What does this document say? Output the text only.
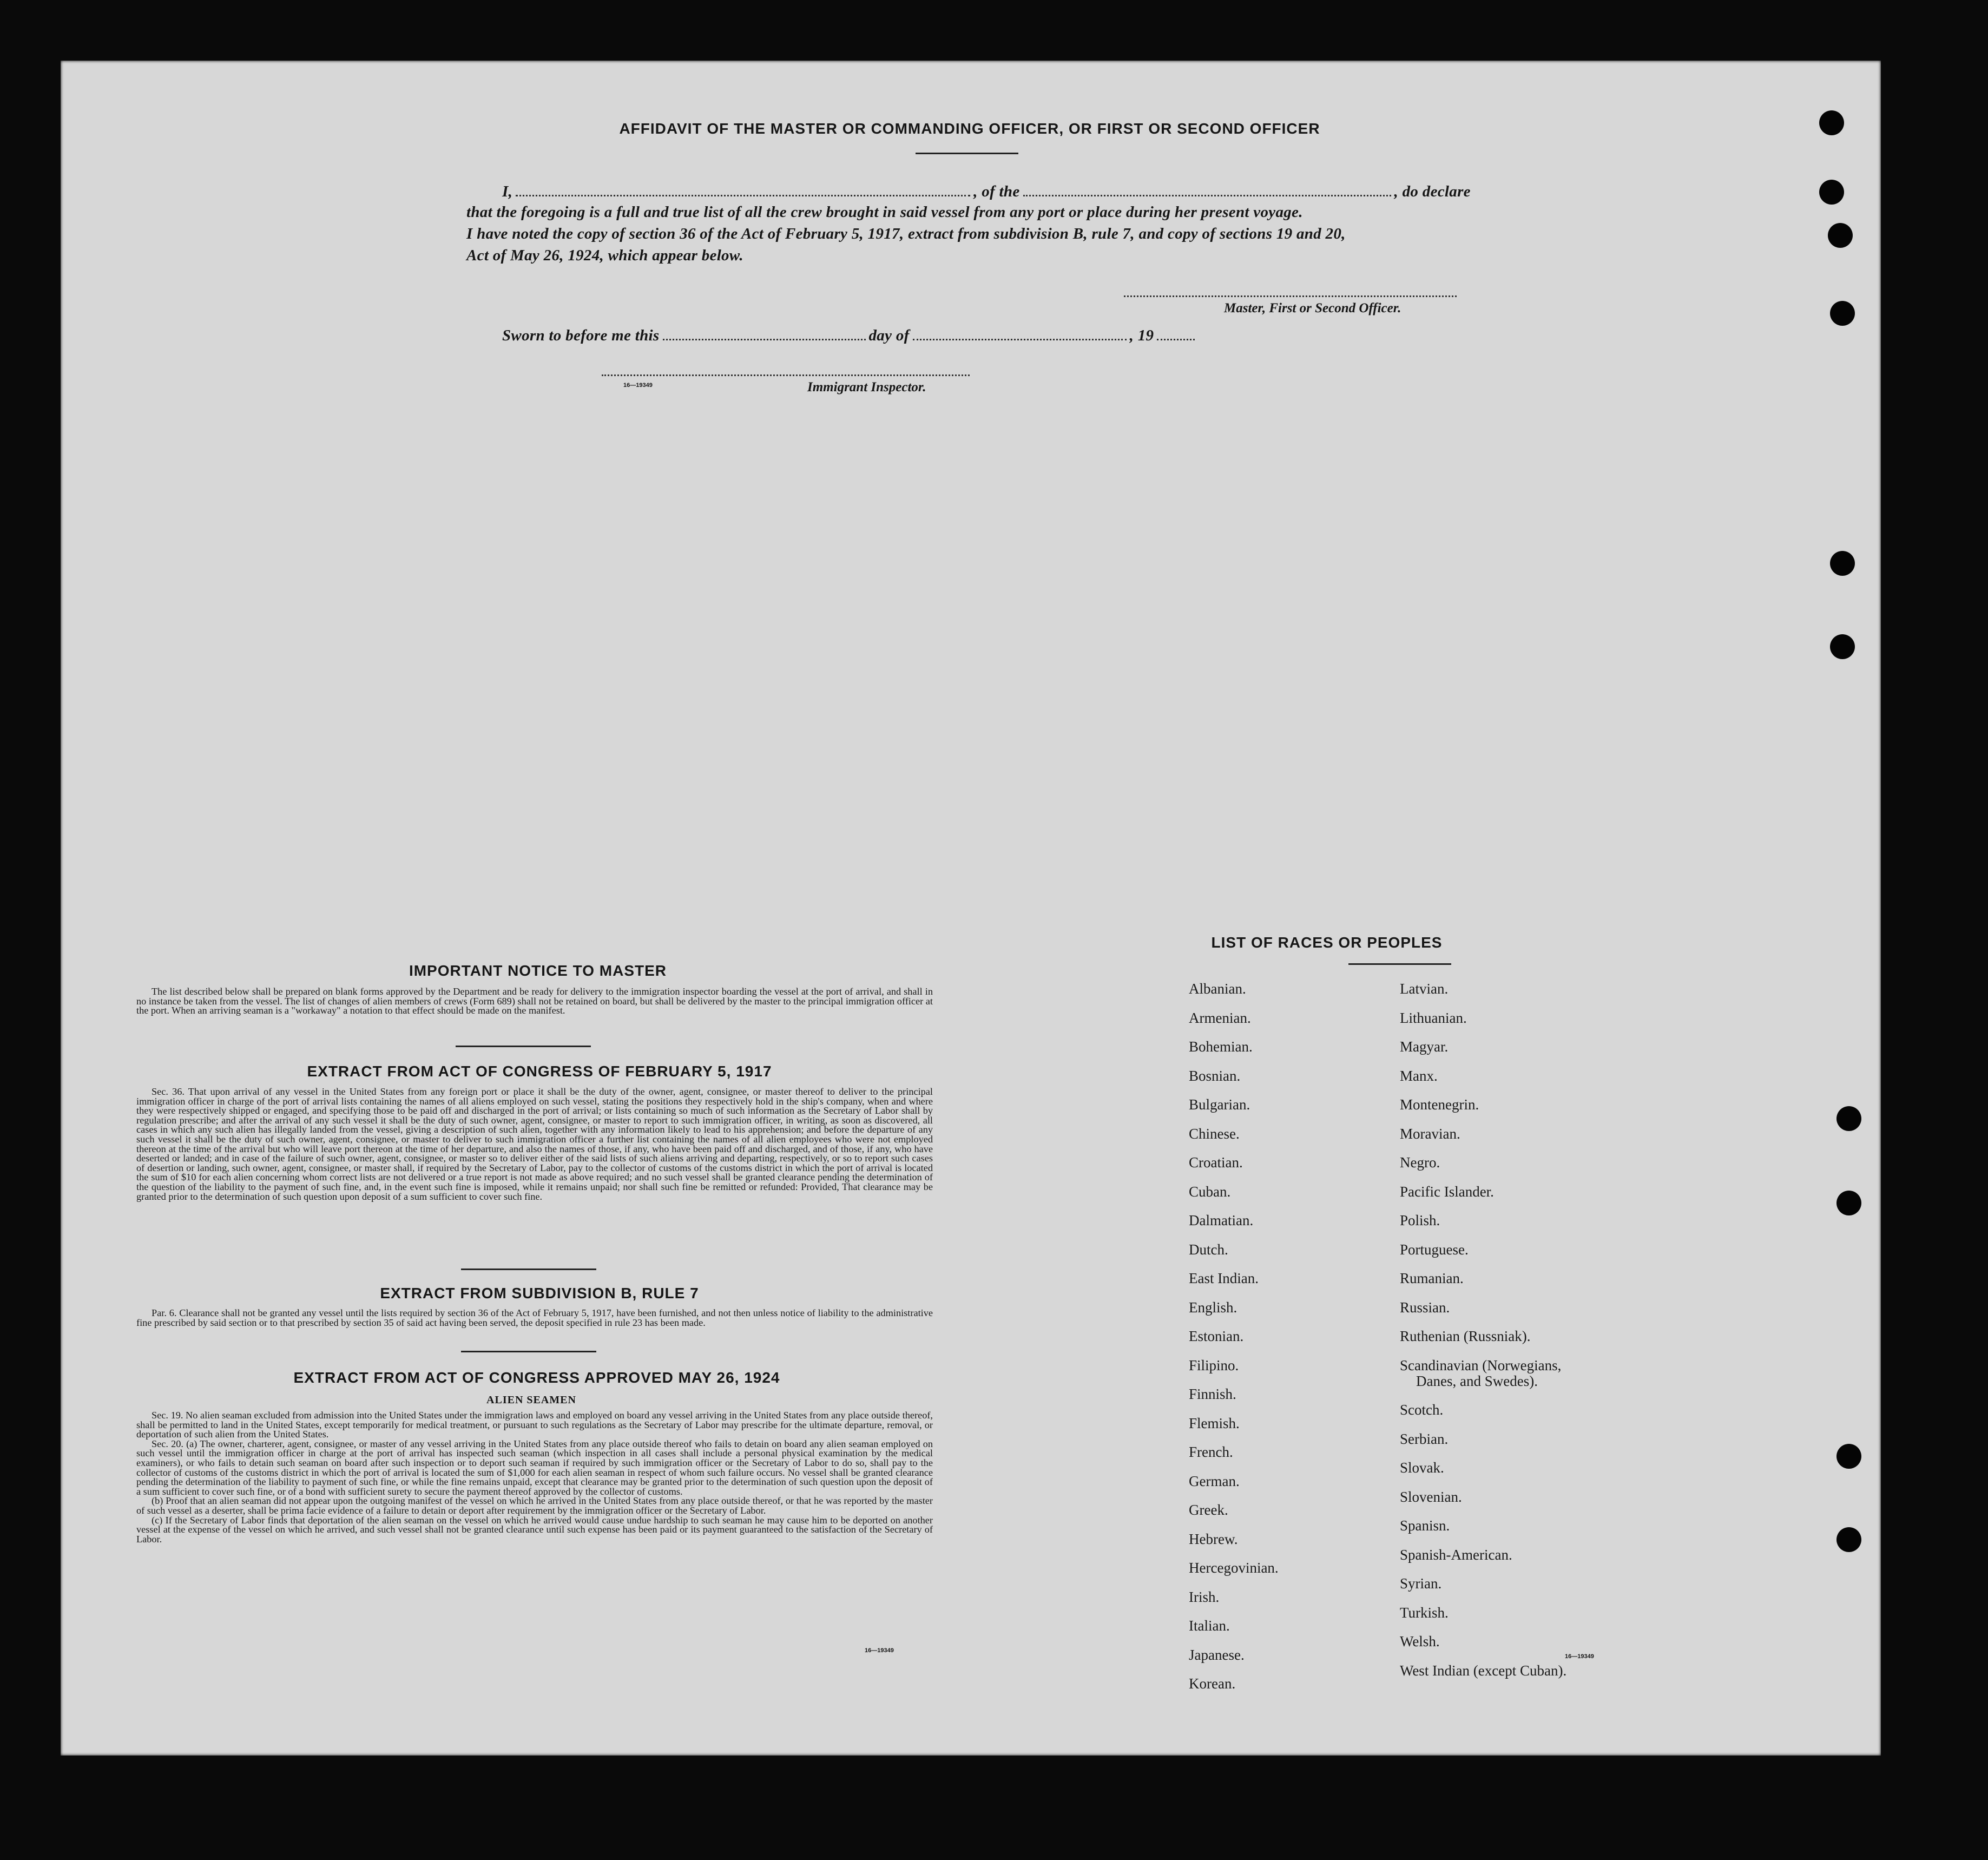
AFFIDAVIT OF THE MASTER OR COMMANDING OFFICER, OR FIRST OR SECOND OFFICER
I,	, of the	, do declare
that the foregoing is a full and true list of all the crew brought in said vessel from any port or place during her present voyage.
I have noted the copy of section 36 of the Act of February 5, 1917, extract from subdivision B, rule 7, and copy of sections 19 and 20,
Act of May 26, 1924, which appear below.
Master, First or Second Officer.
Sworn to before me this	day of	, 19
16—19349	Immigrant Inspector.
IMPORTANT NOTICE TO MASTER

The list described below shall be prepared on blank forms approved by the Department and be ready for delivery to the immigration inspector boarding the vessel at the port of arrival, and shall in no instance be taken from the vessel. The list of changes of alien members of crews (Form 689) shall not be retained on board, but shall be delivered by the master to the principal immigration officer at the port. When an arriving seaman is a "workaway" a notation to that effect should be made on the manifest.

EXTRACT FROM ACT OF CONGRESS OF FEBRUARY 5, 1917

Sec. 36. That upon arrival of any vessel in the United States from any foreign port or place it shall be the duty of the owner, agent, consignee, or master thereof to deliver to the principal immigration officer in charge of the port of arrival lists containing the names of all aliens employed on such vessel, stating the positions they respectively hold in the ship's company, when and where they were respectively shipped or engaged, and specifying those to be paid off and discharged in the port of arrival; or lists containing so much of such information as the Secretary of Labor shall by regulation prescribe; and after the arrival of any such vessel it shall be the duty of such owner, agent, consignee, or master to report to such immigration officer, in writing, as soon as discovered, all cases in which any such alien has illegally landed from the vessel, giving a description of such alien, together with any information likely to lead to his apprehension; and before the departure of any such vessel it shall be the duty of such owner, agent, consignee, or master to deliver to such immigration officer a further list containing the names of all alien employees who were not employed thereon at the time of the arrival but who will leave port thereon at the time of her departure, and also the names of those, if any, who have been paid off and discharged, and of those, if any, who have deserted or landed; and in case of the failure of such owner, agent, consignee, or master so to deliver either of the said lists of such aliens arriving and departing, respectively, or so to report such cases of desertion or landing, such owner, agent, consignee, or master shall, if required by the Secretary of Labor, pay to the collector of customs of the customs district in which the port of arrival is located the sum of $10 for each alien concerning whom correct lists are not delivered or a true report is not made as above required; and no such vessel shall be granted clearance pending the determination of the question of the liability to the payment of such fine, and, in the event such fine is imposed, while it remains unpaid; nor shall such fine be remitted or refunded: Provided, That clearance may be granted prior to the determination of such question upon deposit of a sum sufficient to cover such fine.

EXTRACT FROM SUBDIVISION B, RULE 7

Par. 6. Clearance shall not be granted any vessel until the lists required by section 36 of the Act of February 5, 1917, have been furnished, and not then unless notice of liability to the administrative fine prescribed by said section or to that prescribed by section 35 of said act having been served, the deposit specified in rule 23 has been made.

EXTRACT FROM ACT OF CONGRESS APPROVED MAY 26, 1924
ALIEN SEAMEN

Sec. 19. No alien seaman excluded from admission into the United States under the immigration laws and employed on board any vessel arriving in the United States from any place outside thereof, shall be permitted to land in the United States, except temporarily for medical treatment, or pursuant to such regulations as the Secretary of Labor may prescribe for the ultimate departure, removal, or deportation of such alien from the United States.

Sec. 20. (a) The owner, charterer, agent, consignee, or master of any vessel arriving in the United States from any place outside thereof who fails to detain on board any alien seaman employed on such vessel until the immigration officer in charge at the port of arrival has inspected such seaman (which inspection in all cases shall include a personal physical examination by the medical examiners), or who fails to detain such seaman on board after such inspection or to deport such seaman if required by such immigration officer or the Secretary of Labor to do so, shall pay to the collector of customs of the customs district in which the port of arrival is located the sum of $1,000 for each alien seaman in respect of whom such failure occurs. No vessel shall be granted clearance pending the determination of the liability to payment of such fine, or while the fine remains unpaid, except that clearance may be granted prior to the determination of such question upon the deposit of a sum sufficient to cover such fine, or of a bond with sufficient surety to secure the payment thereof approved by the collector of customs.

(b) Proof that an alien seaman did not appear upon the outgoing manifest of the vessel on which he arrived in the United States from any place outside thereof, or that he was reported by the master of such vessel as a deserter, shall be prima facie evidence of a failure to detain or deport after requirement by the immigration officer or the Secretary of Labor.

(c) If the Secretary of Labor finds that deportation of the alien seaman on the vessel on which he arrived would cause undue hardship to such seaman he may cause him to be deported on another vessel at the expense of the vessel on which he arrived, and such vessel shall not be granted clearance until such expense has been paid or its payment guaranteed to the satisfaction of the Secretary of Labor.

16—19349
LIST OF RACES OR PEOPLES
Albanian.
Armenian.
Bohemian.
Bosnian.
Bulgarian.
Chinese.
Croatian.
Cuban.
Dalmatian.
Dutch.
East Indian.
English.
Estonian.
Filipino.
Finnish.
Flemish.
French.
German.
Greek.
Hebrew.
Hercegovinian.
Irish.
Italian.
Japanese.
Korean.
Latvian.
Lithuanian.
Magyar.
Manx.
Montenegrin.
Moravian.
Negro.
Pacific Islander.
Polish.
Portuguese.
Rumanian.
Russian.
Ruthenian (Russniak).
Scandinavian (Norwegians,
Danes, and Swedes).
Scotch.
Serbian.
Slovak.
Slovenian.
Spanisn.
Spanish-American.
Syrian.
Turkish.
Welsh.
West Indian (except Cuban).
16—19349
